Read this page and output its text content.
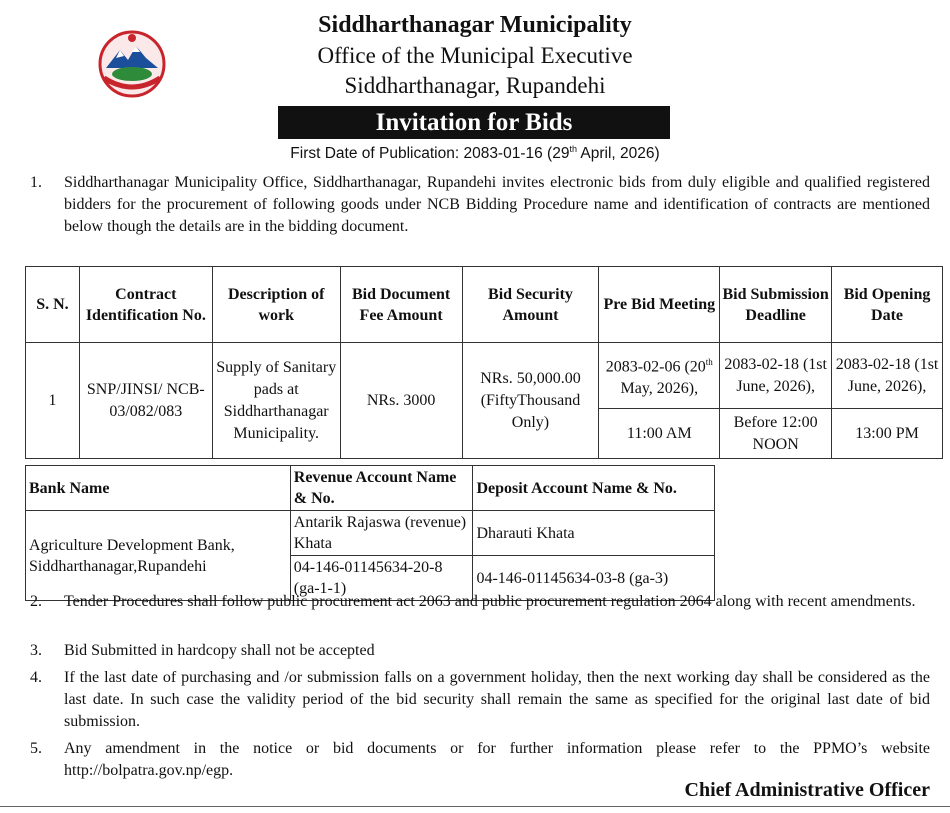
Siddharthanagar Municipality
Office of the Municipal Executive
Siddharthanagar, Rupandehi
Invitation for Bids
First Date of Publication: 2083-01-16 (29th April, 2026)
1. Siddharthanagar Municipality Office, Siddharthanagar, Rupandehi invites electronic bids from duly eligible and qualified registered bidders for the procurement of following goods under NCB Bidding Procedure name and identification of contracts are mentioned below though the details are in the bidding document.
S. N.	Contract Identification No.	Description of work	Bid Document Fee Amount	Bid Security Amount	Pre Bid Meeting	Bid Submission Deadline	Bid Opening Date
1	SNP/JINSI/ NCB-03/082/083	Supply of Sanitary pads at Siddharthanagar Municipality.	NRs. 3000	NRs. 50,000.00 (FiftyThousand Only)	2083-02-06 (20th May, 2026),	2083-02-18 (1st June, 2026),	2083-02-18 (1st June, 2026),
					11:00 AM	Before 12:00 NOON	13:00 PM
Bank Name	Revenue Account Name & No.	Deposit Account Name & No.
Agriculture Development Bank, Siddharthanagar,Rupandehi	Antarik Rajaswa (revenue) Khata	Dharauti Khata
	04-146-01145634-20-8 (ga-1-1)	04-146-01145634-03-8 (ga-3)
2. Tender Procedures shall follow public procurement act 2063 and public procurement regulation 2064 along with recent amendments.
3. Bid Submitted in hardcopy shall not be accepted
4. If the last date of purchasing and /or submission falls on a government holiday, then the next working day shall be considered as the last date. In such case the validity period of the bid security shall remain the same as specified for the original last date of bid submission.
5. Any amendment in the notice or bid documents or for further information please refer to the PPMO’s website http://bolpatra.gov.np/egp.
Chief Administrative Officer
